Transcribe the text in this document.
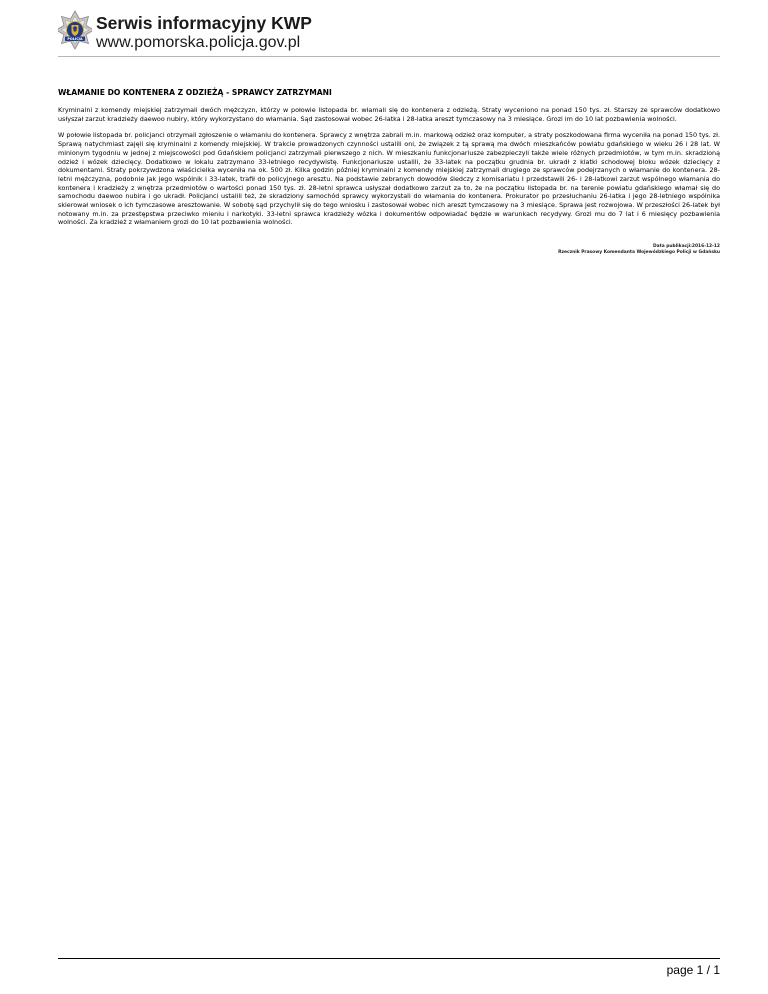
POLICJA
Serwis informacyjny KWP
www.pomorska.policja.gov.pl
WŁAMANIE DO KONTENERA Z ODZIEŻĄ - SPRAWCY ZATRZYMANI

Kryminalni z komendy miejskiej zatrzymali dwóch mężczyzn, którzy w połowie listopada br. włamali się do kontenera z odzieżą. Straty wyceniono na ponad 150 tys. zł. Starszy ze sprawców dodatkowo usłyszał zarzut kradzieży daewoo nubiry, który wykorzystano do włamania. Sąd zastosował wobec 26-latka i 28-latka areszt tymczasowy na 3 miesiące. Grozi im do 10 lat pozbawienia wolności.

W połowie listopada br. policjanci otrzymali zgłoszenie o włamaniu do kontenera. Sprawcy z wnętrza zabrali m.in. markową odzież oraz komputer, a straty poszkodowana firma wyceniła na ponad 150 tys. zł. Sprawą natychmiast zajęli się kryminalni z komendy miejskiej. W trakcie prowadzonych czynności ustalili oni, że związek z tą sprawą ma dwóch mieszkańców powiatu gdańskiego w wieku 26 i 28 lat. W minionym tygodniu w jednej z miejscowości pod Gdańskiem policjanci zatrzymali pierwszego z nich. W mieszkaniu funkcjonariusze zabezpieczyli także wiele różnych przedmiotów, w tym m.in. skradzioną odzież i wózek dziecięcy. Dodatkowo w lokalu zatrzymano 33-letniego recydywistę. Funkcjonariusze ustalili, że 33-latek na początku grudnia br. ukradł z klatki schodowej bloku wózek dziecięcy z dokumentami. Straty pokrzywdzona właścicielka wyceniła na ok. 500 zł. Kilka godzin później kryminalni z komendy miejskiej zatrzymali drugiego ze sprawców podejrzanych o włamanie do kontenera. 28-letni mężczyzna, podobnie jak jego wspólnik i 33-latek, trafił do policyjnego aresztu. Na podstawie zebranych dowodów śledczy z komisariatu I przedstawili 26- i 28-latkowi zarzut wspólnego włamania do kontenera i kradzieży z wnętrza przedmiotów o wartości ponad 150 tys. zł. 28-letni sprawca usłyszał dodatkowo zarzut za to, że na początku listopada br. na terenie powiatu gdańskiego włamał się do samochodu daewoo nubira i go ukradł. Policjanci ustalili też, że skradziony samochód sprawcy wykorzystali do włamania do kontenera. Prokurator po przesłuchaniu 26-latka i jego 28-letniego wspólnika skierował wniosek o ich tymczasowe aresztowanie. W sobotę sąd przychylił się do tego wniosku i zastosował wobec nich areszt tymczasowy na 3 miesiące. Sprawa jest rozwojowa. W przeszłości 26-latek był notowany m.in. za przestępstwa przeciwko mieniu i narkotyki. 33-letni sprawca kradzieży wózka i dokumentów odpowiadać będzie w warunkach recydywy. Grozi mu do 7 lat i 6 miesięcy pozbawienia wolności. Za kradzież z włamaniem grozi do 10 lat pozbawienia wolności.

Data publikacji:2016-12-12
Rzecznik Prasowy Komendanta Wojewódzkiego Policji w Gdańsku
page 1 / 1
